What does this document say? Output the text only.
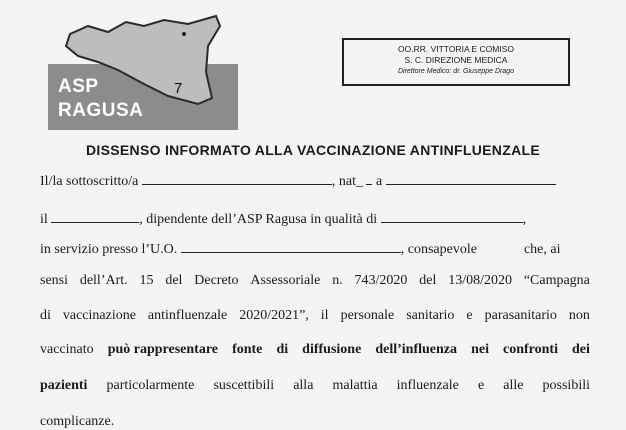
ASP
RAGUSA
7
OO.RR. VITTORIA E COMISO
S. C. DIREZIONE MEDICA
Direttore Medico: dr. Giuseppe Drago
DISSENSO INFORMATO ALLA VACCINAZIONE ANTINFLUENZALE
Il/la sottoscritto/a	, nat_ a
il	, dipendente dell’ASP Ragusa in qualità di	,
in servizio presso l’U.O.	, consapevole	che, ai
sensi dell’Art. 15 del Decreto Assessoriale n. 743/2020 del 13/08/2020 “Campagna
di vaccinazione antinfluenzale 2020/2021”, il personale sanitario e parasanitario non
vaccinato può rappresentare fonte di diffusione dell’influenza nei confronti dei
pazienti particolarmente suscettibili alla malattia influenzale e alle possibili
complicanze.
